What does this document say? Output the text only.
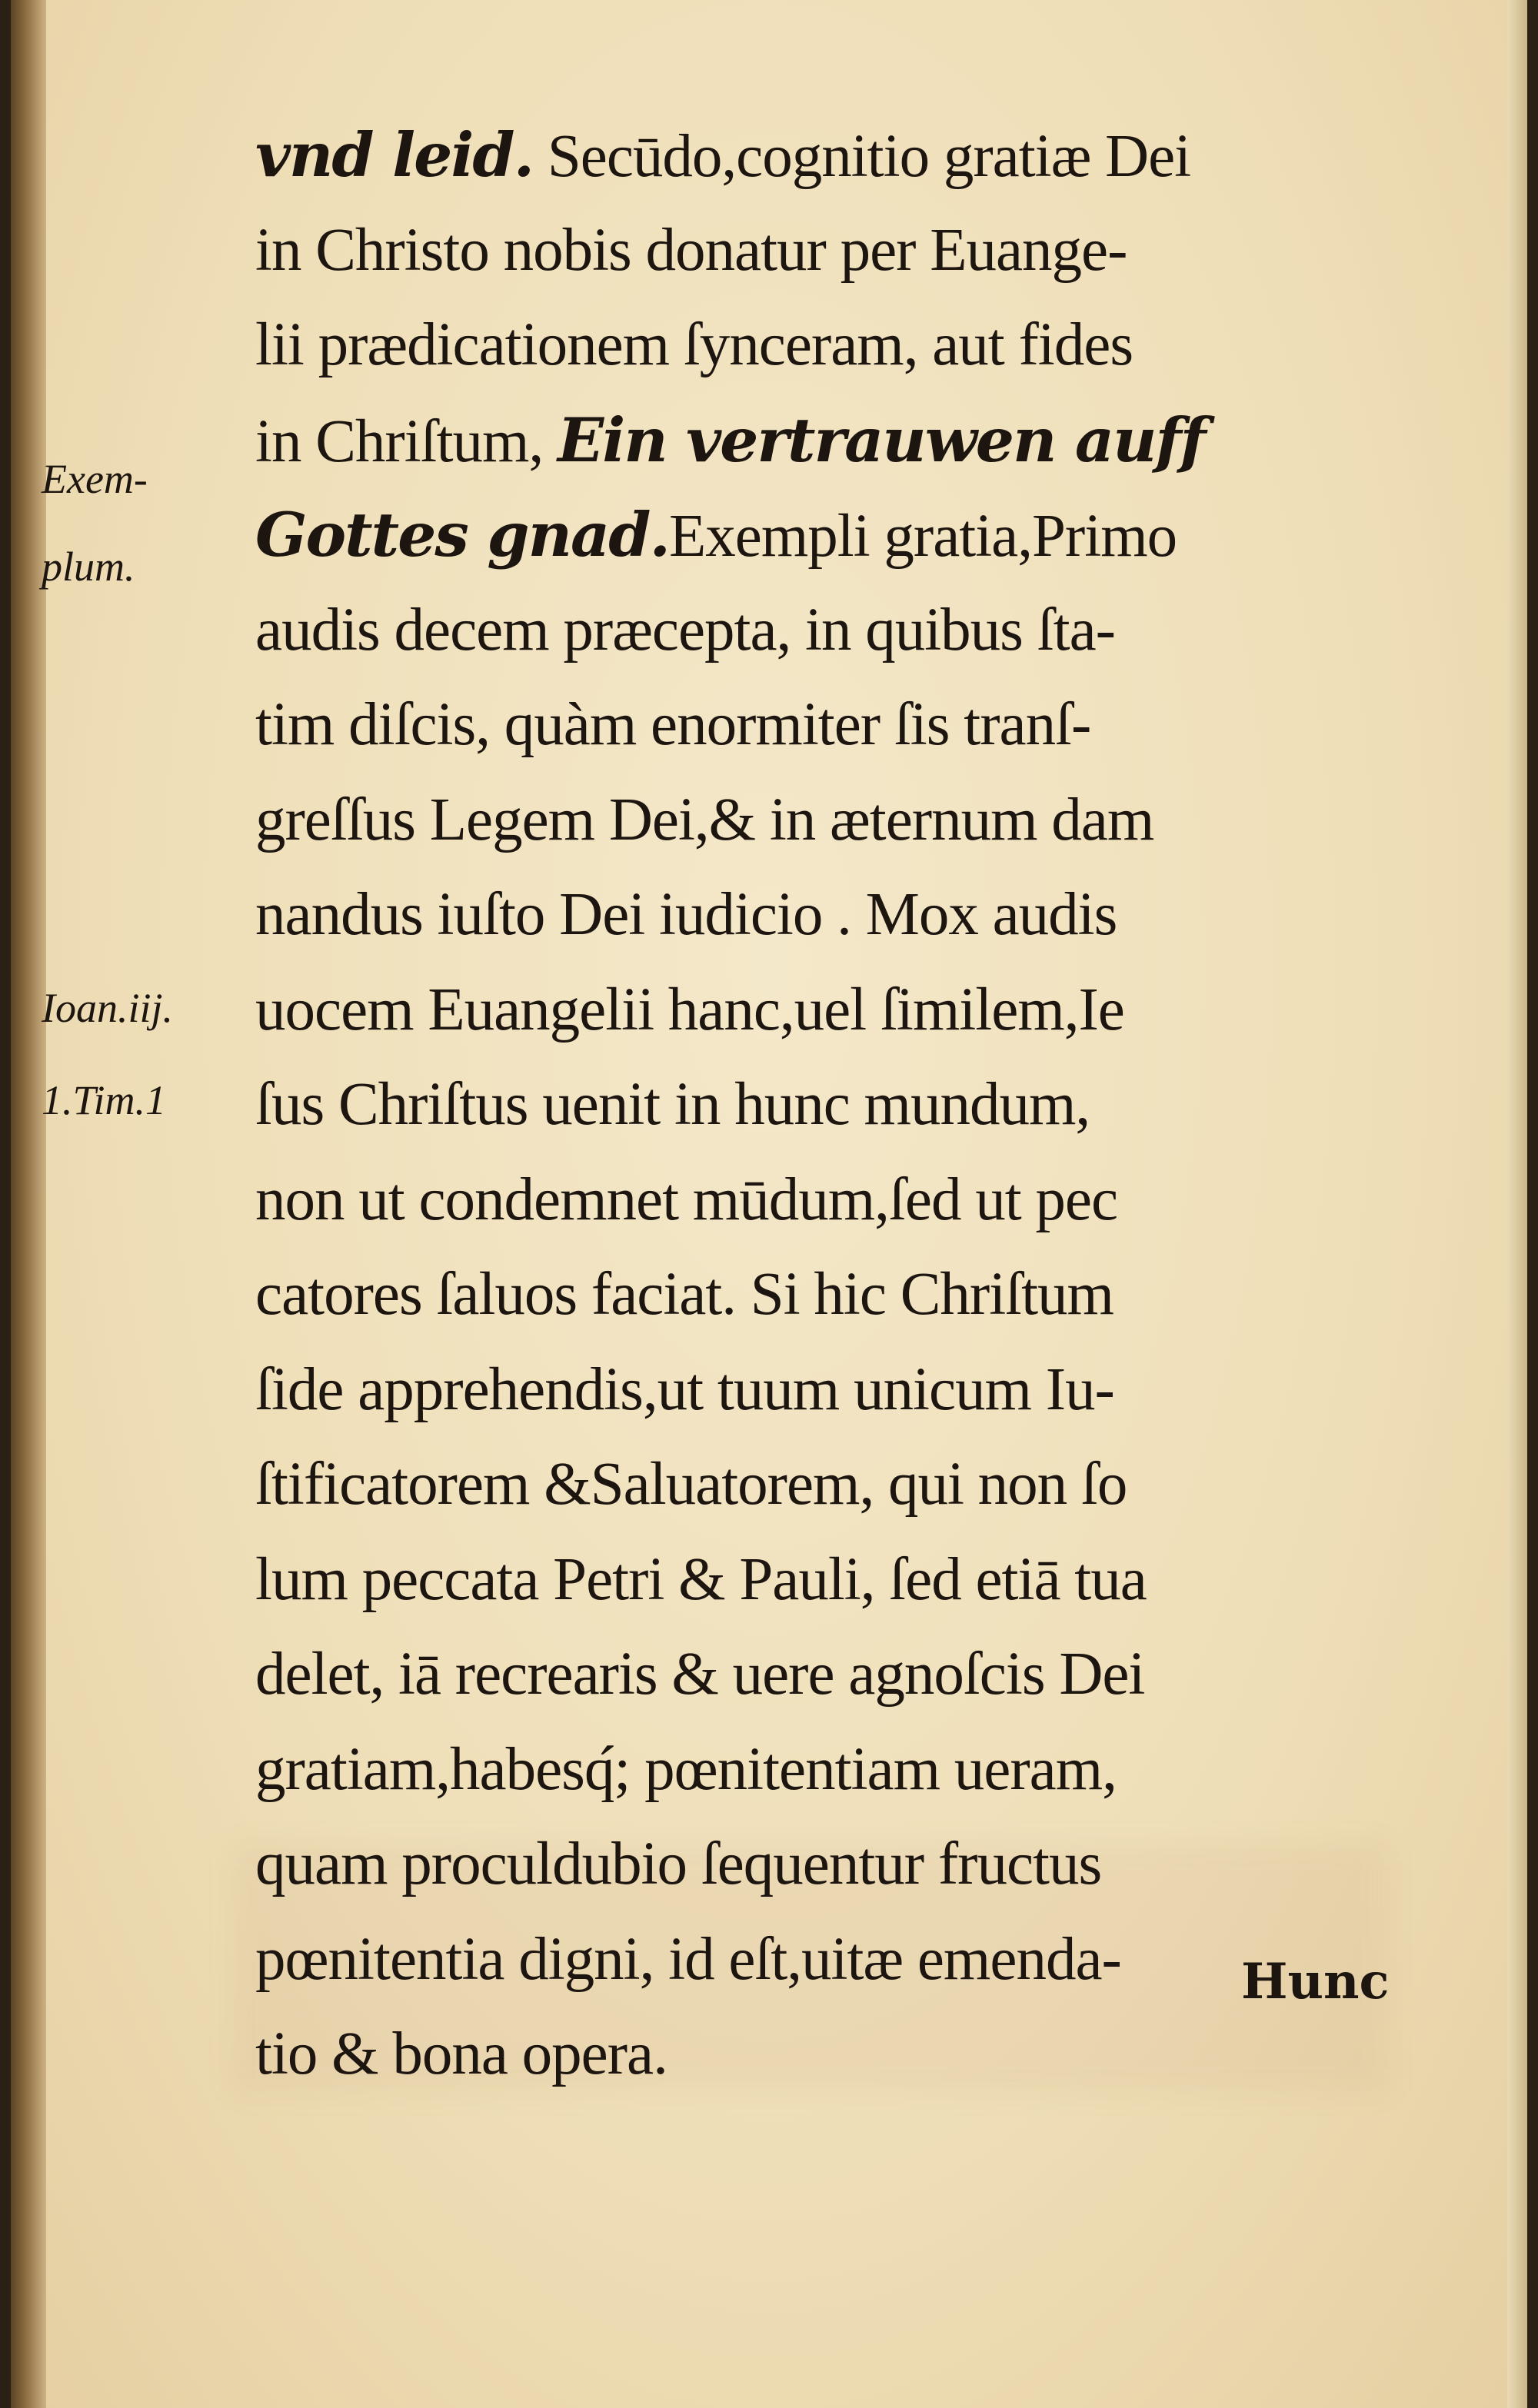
Exem-
plum.
Ioan.iij.
1.Tim.1
vnd leid. Secūdo,cognitio gratiæ Dei
in Christo nobis donatur per Euange-
lii prædicationem ſynceram, aut fides
in Chriſtum, Ein vertrauwen auff
Gottes gnad.Exempli gratia,Primo
audis decem præcepta, in quibus ſta-
tim diſcis, quàm enormiter ſis tranſ-
greſſus Legem Dei,& in æternum dam
nandus iuſto Dei iudicio . Mox audis
uocem Euangelii hanc,uel ſimilem,Ie
ſus Chriſtus uenit in hunc mundum,
non ut condemnet mūdum,ſed ut pec
catores ſaluos faciat. Si hic Chriſtum
ſide apprehendis,ut tuum unicum Iu-
ſtificatorem &Saluatorem, qui non ſo
lum peccata Petri & Pauli, ſed etiā tua
delet, iā recrearis & uere agnoſcis Dei
gratiam,habesq́; pœnitentiam ueram,
quam proculdubio ſequentur fructus
pœnitentia digni, id eſt,uitæ emenda-
tio & bona opera.
Hunc
